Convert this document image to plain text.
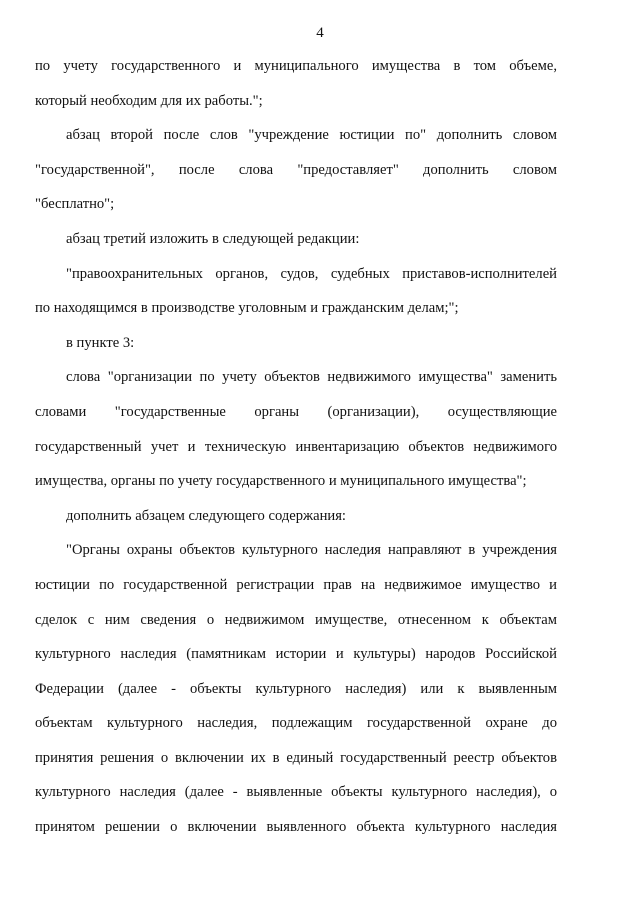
4
по учету государственного и муниципального имущества в том объеме,
который необходим для их работы.";
абзац второй после слов "учреждение юстиции по" дополнить словом
"государственной", после слова "предоставляет" дополнить словом
"бесплатно";
абзац третий изложить в следующей редакции:
"правоохранительных органов, судов, судебных приставов-исполнителей
по находящимся в производстве уголовным и гражданским делам;";
в пункте 3:
слова "организации по учету объектов недвижимого имущества" заменить
словами "государственные органы (организации), осуществляющие
государственный учет и техническую инвентаризацию объектов недвижимого
имущества, органы по учету государственного и муниципального имущества";
дополнить абзацем следующего содержания:
"Органы охраны объектов культурного наследия направляют в учреждения
юстиции по государственной регистрации прав на недвижимое имущество и
сделок с ним сведения о недвижимом имуществе, отнесенном к объектам
культурного наследия (памятникам истории и культуры) народов Российской
Федерации (далее - объекты культурного наследия) или к выявленным
объектам культурного наследия, подлежащим государственной охране до
принятия решения о включении их в единый государственный реестр объектов
культурного наследия (далее - выявленные объекты культурного наследия), о
принятом решении о включении выявленного объекта культурного наследия
